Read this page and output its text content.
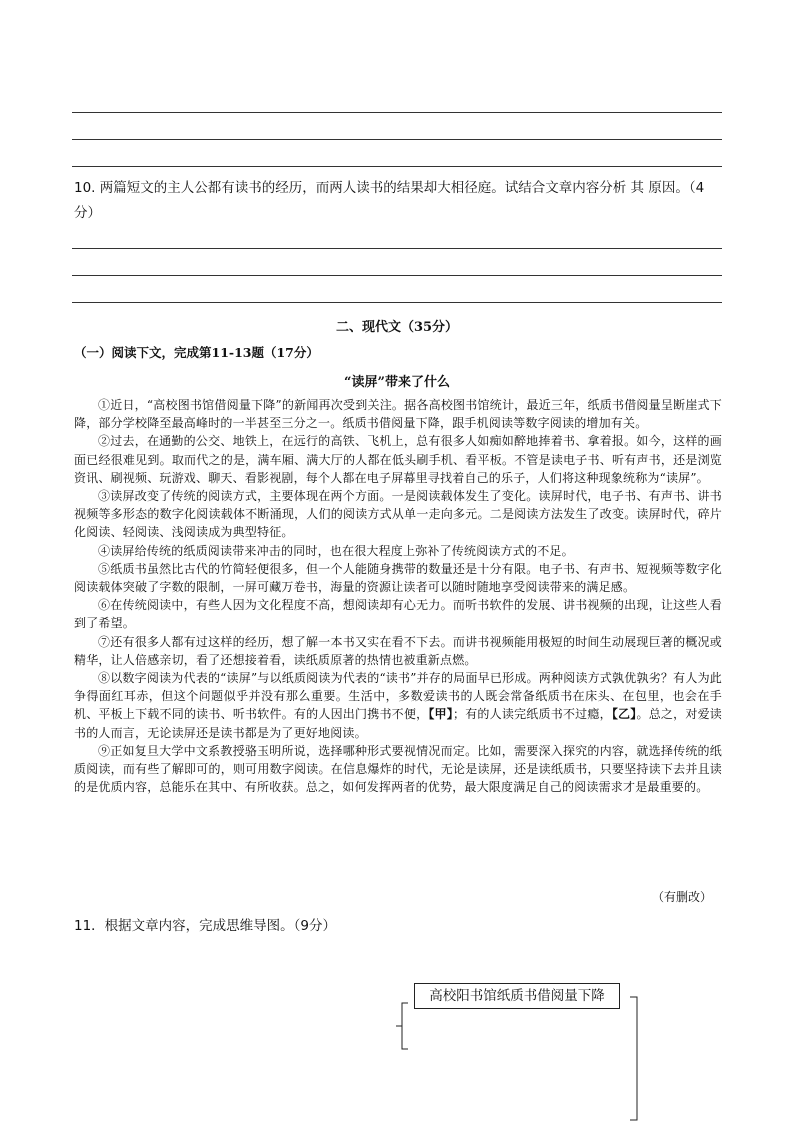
10. 两篇短文的主人公都有读书的经历，而两人读书的结果却大相径庭。试结合文章内容分析 其 原因。（4分）
二、现代文（35分）
（一）阅读下文，完成第11-13题（17分）
“读屏”带来了什么

①近日，“高校图书馆借阅量下降”的新闻再次受到关注。据各高校图书馆统计，最近三年，纸质书借阅量呈断崖式下降，部分学校降至最高峰时的一半甚至三分之一。纸质书借阅量下降，跟手机阅读等数字阅读的增加有关。

②过去，在通勤的公交、地铁上，在远行的高铁、飞机上，总有很多人如痴如醉地捧着书、拿着报。如今，这样的画面已经很难见到。取而代之的是，满车厢、满大厅的人都在低头刷手机、看平板。不管是读电子书、听有声书，还是浏览资讯、刷视频、玩游戏、聊天、看影视剧，每个人都在电子屏幕里寻找着自己的乐子，人们将这种现象统称为“读屏”。

③读屏改变了传统的阅读方式，主要体现在两个方面。一是阅读载体发生了变化。读屏时代，电子书、有声书、讲书视频等多形态的数字化阅读载体不断涌现，人们的阅读方式从单一走向多元。二是阅读方法发生了改变。读屏时代，碎片化阅读、轻阅读、浅阅读成为典型特征。

④读屏给传统的纸质阅读带来冲击的同时，也在很大程度上弥补了传统阅读方式的不足。

⑤纸质书虽然比古代的竹简轻便很多，但一个人能随身携带的数量还是十分有限。电子书、有声书、短视频等数字化阅读载体突破了字数的限制，一屏可藏万卷书，海量的资源让读者可以随时随地享受阅读带来的满足感。

⑥在传统阅读中，有些人因为文化程度不高，想阅读却有心无力。而听书软件的发展、讲书视频的出现，让这些人看到了希望。

⑦还有很多人都有过这样的经历，想了解一本书又实在看不下去。而讲书视频能用极短的时间生动展现巨著的概况或精华，让人倍感亲切，看了还想接着看，读纸质原著的热情也被重新点燃。

⑧以数字阅读为代表的“读屏”与以纸质阅读为代表的“读书”并存的局面早已形成。两种阅读方式孰优孰劣？有人为此争得面红耳赤，但这个问题似乎并没有那么重要。生活中，多数爱读书的人既会常备纸质书在床头、在包里，也会在手机、平板上下载不同的读书、听书软件。有的人因出门携书不便，【甲】；有的人读完纸质书不过瘾，【乙】。总之，对爱读书的人而言，无论读屏还是读书都是为了更好地阅读。

⑨正如复旦大学中文系教授骆玉明所说，选择哪种形式要视情况而定。比如，需要深入探究的内容，就选择传统的纸质阅读，而有些了解即可的，则可用数字阅读。在信息爆炸的时代，无论是读屏，还是读纸质书，只要坚持读下去并且读的是优质内容，总能乐在其中、有所收获。总之，如何发挥两者的优势，最大限度满足自己的阅读需求才是最重要的。

（有删改）
11．根据文章内容，完成思维导图。（9分）
高校阳书馆纸质书借阅量下降
